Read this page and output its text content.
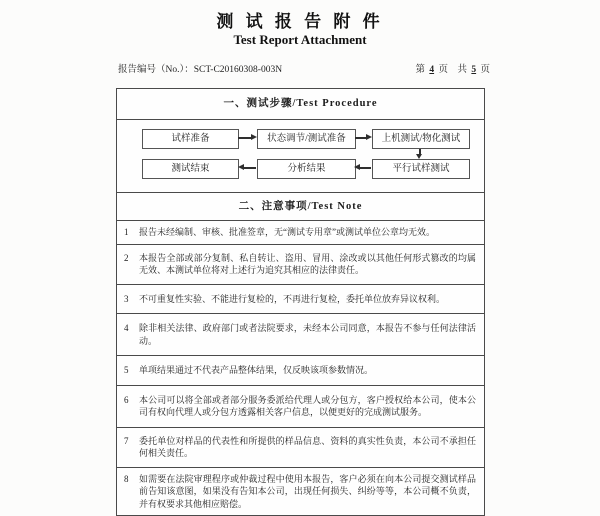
测 试 报 告 附 件
Test Report Attachment
报告编号（No.）：SCT-C20160308-003N	第 4 页　共 5 页
一、测试步骤/Test Procedure
试样准备	状态调节/测试准备	上机测试/物化测试
测试结束	分析结果	平行试样测试
二、注意事项/Test Note
1	报告未经编制、审核、批准签章，无“测试专用章”或测试单位公章均无效。
2	本报告全部或部分复制、私自转让、盗用、冒用、涂改或以其他任何形式篡改的均属无效、本测试单位将对上述行为追究其相应的法律责任。
3	不可重复性实验、不能进行复检的，不再进行复检，委托单位放弃异议权利。
4	除非相关法律、政府部门或者法院要求，未经本公司同意，本报告不参与任何法律活动。
5	单项结果通过不代表产品整体结果，仅反映该项参数情况。
6	本公司可以将全部或者部分服务委派给代理人或分包方，客户授权给本公司，使本公司有权向代理人或分包方透露相关客户信息，以便更好的完成测试服务。
7	委托单位对样品的代表性和所提供的样品信息、资料的真实性负责，本公司不承担任何相关责任。
8	如需要在法院审理程序或仲裁过程中使用本报告，客户必须在向本公司提交测试样品前告知该意图，如果没有告知本公司，出现任何损失、纠纷等等，本公司概不负责，并有权要求其他相应赔偿。
